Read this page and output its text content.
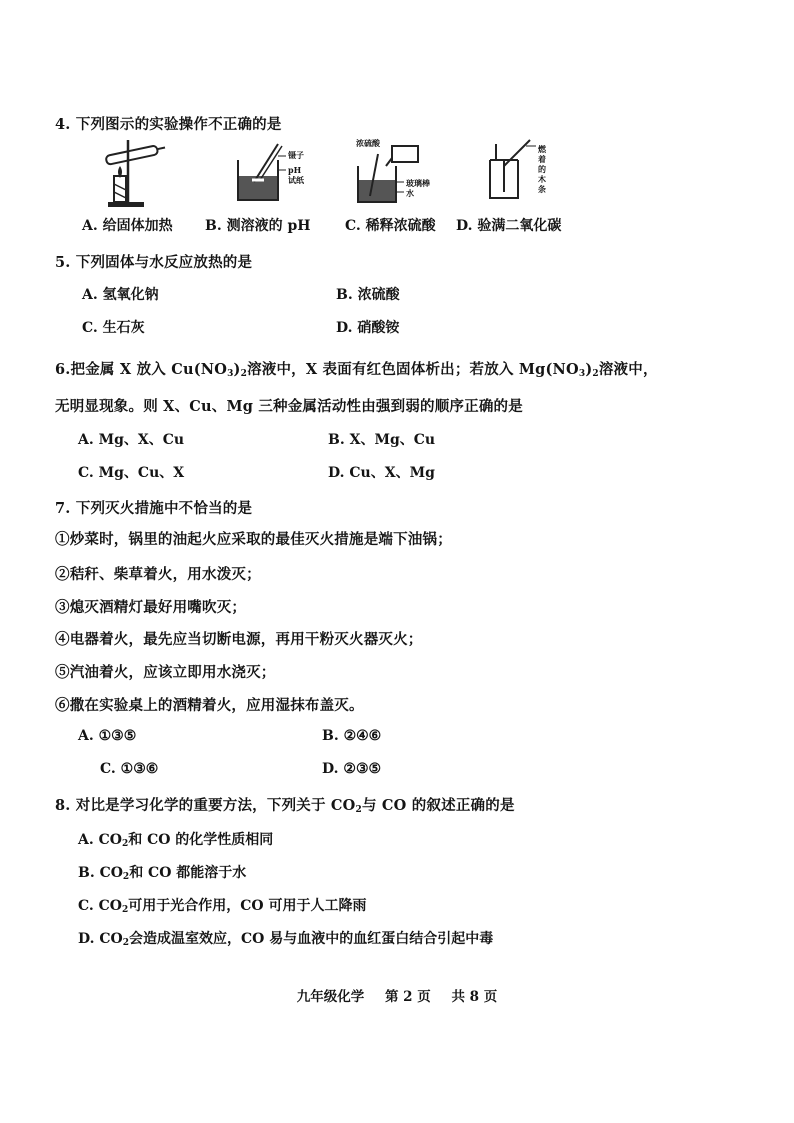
4. 下列图示的实验操作不正确的是
镊子
pH试纸
浓硫酸
玻璃棒
水
燃着的木条
A. 给固体加热 B. 测溶液的 pH C. 稀释浓硫酸 D. 验满二氧化碳
5. 下列固体与水反应放热的是
A. 氢氧化钠	B. 浓硫酸
C. 生石灰	D. 硝酸铵
6.把金属 X 放入 $Cu(NO_3)_2$溶液中，X 表面有红色固体析出；若放入 $Mg(NO_3)_2$溶液中，
无明显现象。则 X、Cu、Mg 三种金属活动性由强到弱的顺序正确的是
A. Mg、X、Cu	B. X、Mg、Cu
C. Mg、Cu、X	D. Cu、X、Mg
7. 下列灭火措施中不恰当的是
①炒菜时，锅里的油起火应采取的最佳灭火措施是端下油锅；
②秸秆、柴草着火，用水泼灭；
③熄灭酒精灯最好用嘴吹灭；
④电器着火，最先应当切断电源，再用干粉灭火器灭火；
⑤汽油着火，应该立即用水浇灭；
⑥撒在实验桌上的酒精着火，应用湿抹布盖灭。
A. ①③⑤	B. ②④⑥
C. ①③⑥	D. ②③⑤
8. 对比是学习化学的重要方法，下列关于 $CO_2$与 CO 的叙述正确的是
A. $CO_2$和 CO 的化学性质相同
B. $CO_2$和 CO 都能溶于水
C. $CO_2$可用于光合作用，CO 可用于人工降雨
D. $CO_2$会造成温室效应，CO 易与血液中的血红蛋白结合引起中毒
九年级化学 第 2 页 共 8 页
